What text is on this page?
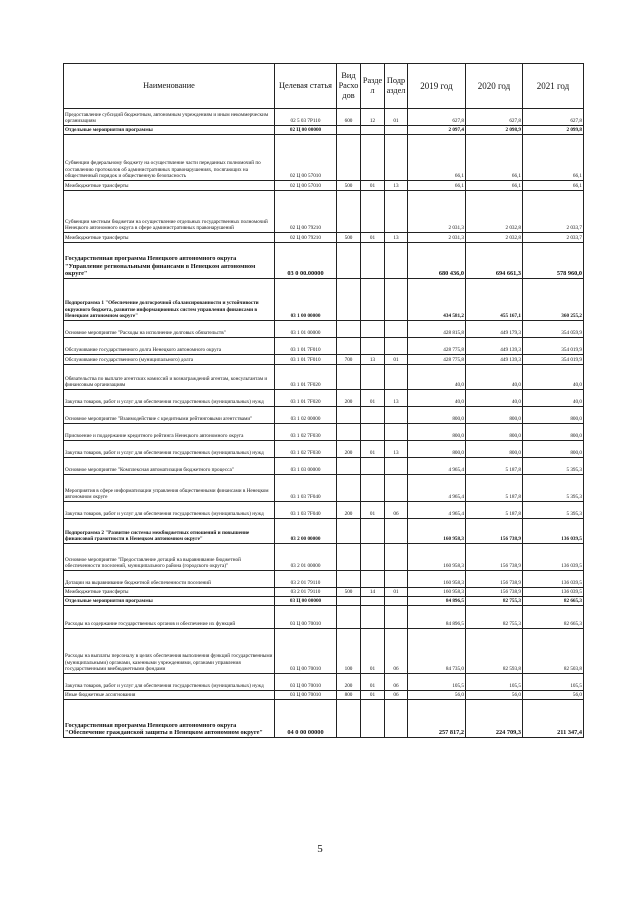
Наименование	Целевая статья	Вид Расхо дов	Разде л	Подр аздел	2019 год	2020 год	2021 год
Предоставление субсидий бюджетным, автономным учреждениям и иным некоммерческим организациям	02 5 03 7Р110	600	12	01	627,8	627,8	627,8
Отдельные мероприятия программы	02 Ц 00 00000				2 097,4	2 098,9	2 099,8
Субвенции федеральному бюджету на осуществление части переданных полномочий по составлению протоколов об административных правонарушениях, посягающих на общественный порядок и общественную безопасность	02 Ц 00 57010				66,1	66,1	66,1
Межбюджетные трансферты	02 Ц 00 57010	500	01	13	66,1	66,1	66,1
Субвенции местным бюджетам на осуществление отдельных государственных полномочий Ненецкого автономного округа в сфере административных правонарушений	02 Ц 00 79210				2 031,3	2 032,8	2 033,7
Межбюджетные трансферты	02 Ц 00 79210	500	01	13	2 031,3	2 032,8	2 033,7
Государственная программа Ненецкого автономного округа "Управление региональными финансами в Ненецком автономном округе"	03 0 00.00000				680 436,0	694 661,3	578 960,0
Подпрограмма 1 "Обеспечение долгосрочной сбалансированности и устойчивости окружного бюджета, развитие информационных систем управления финансами в Ненецком автономном округе"	03 1 00 00000				434 581,2	455 167,1	360 255,2
Основное мероприятие "Расходы на исполнение долговых обязательств"	03 1 01 00000				428 815,8	449 179,3	354 059,9
Обслуживание государственного долга Ненецкого автономного округа	03 1 01 7F010				428 775,8	449 139,3	354 019,9
Обслуживание государственного (муниципального) долга	03 1 01 7F010	700	13	01	428 775,8	449 139,3	354 019,9
Обязательства по выплате агентских комиссий и вознаграждений агентам, консультантам и финансовым организациям	03 1 01 7F020				40,0	40,0	40,0
Закупка товаров, работ и услуг для обеспечения государственных (муниципальных) нужд	03 1 01 7F020	200	01	13	40,0	40,0	40,0
Основное мероприятие "Взаимодействие с кредитными рейтинговыми агентствами"	03 1 02 00000				800,0	800,0	800,0
Присвоение и поддержание кредитного рейтинга Ненецкого автономного округа	03 1 02 7F030				800,0	800,0	800,0
Закупка товаров, работ и услуг для обеспечения государственных (муниципальных) нужд	03 1 02 7F030	200	01	13	800,0	800,0	800,0
Основное мероприятие "Комплексная автоматизация бюджетного процесса"	03 1 03 00000				4 965,4	5 187,8	5 395,3
Мероприятия в сфере информатизации управления общественными финансами в Ненецком автономном округе	03 1 03 7F040				4 965,4	5 187,8	5 395,3
Закупка товаров, работ и услуг для обеспечения государственных (муниципальных) нужд	03 1 03 7F040	200	01	06	4 965,4	5 187,8	5 395,3
Подпрограмма 2 "Развитие системы межбюджетных отношений и повышение финансовой грамотности в Ненецком автономном округе"	03 2 00 00000				160 958,3	156 738,9	136 039,5
Основное мероприятие "Предоставление дотаций на выравнивание бюджетной обеспеченности поселений, муниципального района (городского округа)"	03 2 01 00000				160 958,3	156 738,9	136 039,5
Дотации на выравнивание бюджетной обеспеченности поселений	03 2 01 79110				160 958,3	156 738,9	136 039,5
Межбюджетные трансферты	03 2 01 79110	500	14	01	160 958,3	156 738,9	136 039,5
Отдельные мероприятия программы	03 Ц 00 00000				84 896,5	82 755,3	82 665,3
Расходы на содержание государственных органов и обеспечение их функций	03 Ц 00 70010				84 896,5	82 755,3	82 665,3
Расходы на выплаты персоналу в целях обеспечения выполнения функций государственными (муниципальными) органами, казенными учреждениями, органами управления государственными внебюджетными фондами	03 Ц 00 70010	100	01	06	84 735,0	82 593,8	82 503,8
Закупка товаров, работ и услуг для обеспечения государственных (муниципальных) нужд	03 Ц 00 70010	200	01	06	105,5	105,5	105,5
Иные бюджетные ассигнования	03 Ц 00 70010	800	01	06	56,0	56,0	56,0
Государственная программа Ненецкого автономного округа "Обеспечение гражданской защиты в Ненецком автономном округе"	04 0 00 00000				257 817,2	224 709,3	211 347,4
5
